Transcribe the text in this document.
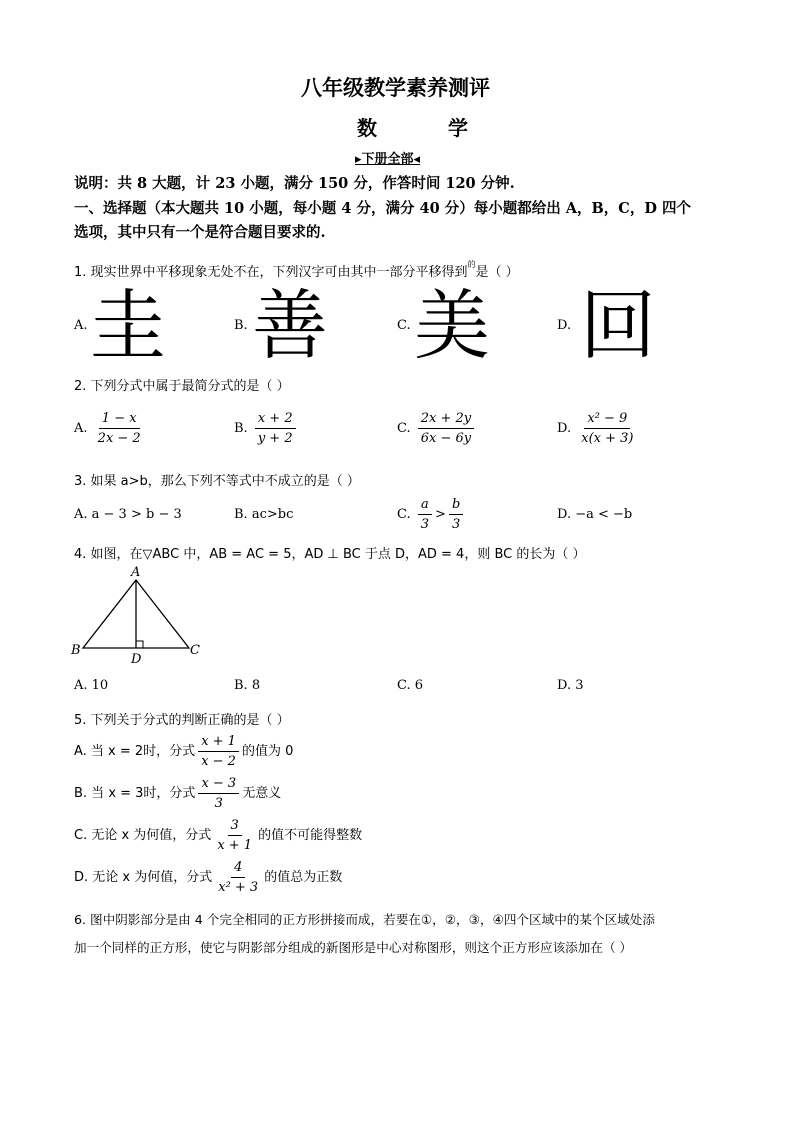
八年级教学素养测评
数 学
▸下册全部◂
说明：共 8 大题，计 23 小题，满分 150 分，作答时间 120 分钟.
一、选择题（本大题共 10 小题，每小题 4 分，满分 40 分）每小题都给出 A，B，C，D 四个
选项，其中只有一个是符合题目要求的.
1. 现实世界中平移现象无处不在，下列汉字可由其中一部分平移得到$^的$是（ ）
A. 圭	B. 善	C. 美	D. 回
2. 下列分式中属于最简分式的是（ ）
A. $\frac{1 - x}{2x - 2}$	B. $\frac{x + 2}{y + 2}$	C. $\frac{2x + 2y}{6x - 6y}$	D. $\frac{\text{x² − 9}}{x(x + 3)}$
3. 如果 a>b，那么下列不等式中不成立的是（ ）
A. a − 3 > b − 3	B. ac>bc	C. $\frac{a}{3} > \frac{b}{3}$	D. −a < −b
4. 如图，在▽ABC 中，AB = AC = 5，AD ⊥ BC 于点 D，AD = 4，则 BC 的长为（ ）
A
B	C
D
A. 10	B. 8	C. 6	D. 3
5. 下列关于分式的判断正确的是（ ）
A. 当 x = 2时，分式 $\frac{x + 1}{x - 2}$ 的值为 0
B. 当 x = 3时，分式 $\frac{x - 3}{3}$ 无意义
C. 无论 x 为何值，分式 $\frac{3}{x + 1}$ 的值不可能得整数
D. 无论 x 为何值，分式 $\frac{4}{\text{x² + 3}}$ 的值总为正数
6. 图中阴影部分是由 4 个完全相同的正方形拼接而成，若要在①，②，③，④四个区域中的某个区域处添
加一个同样的正方形，使它与阴影部分组成的新图形是中心对称图形，则这个正方形应该添加在（ ）
